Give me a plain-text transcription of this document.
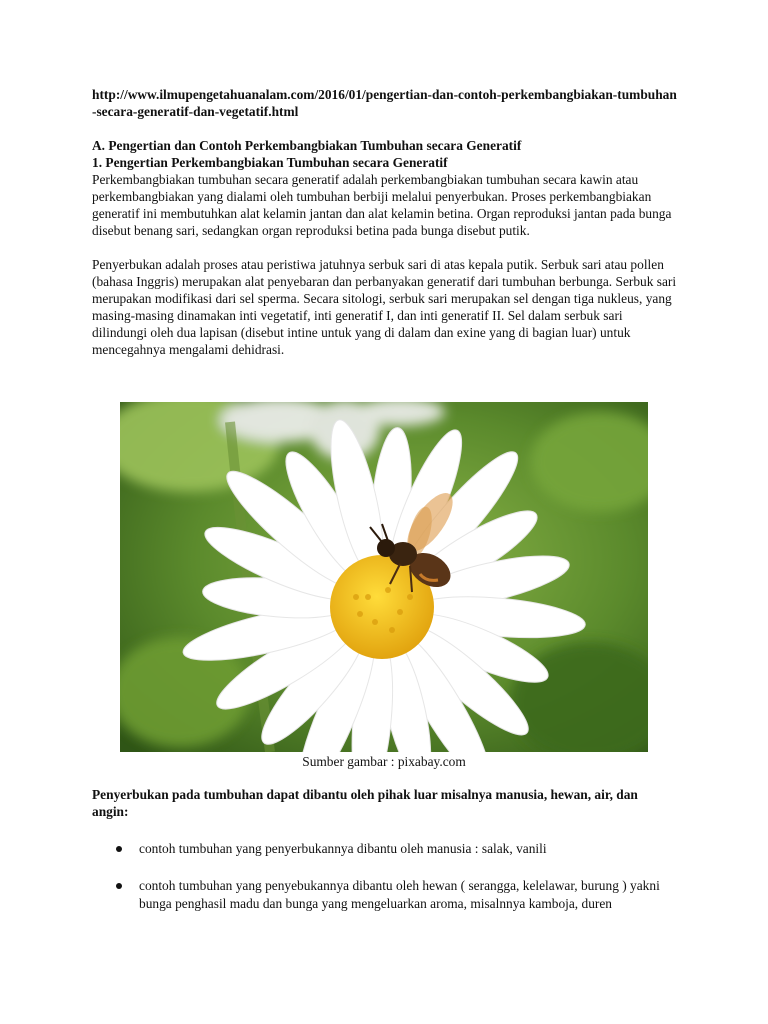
http://www.ilmupengetahuanalam.com/2016/01/pengertian-dan-contoh-perkembangbiakan-tumbuhan-secara-generatif-dan-vegetatif.html

A. Pengertian dan Contoh Perkembangbiakan Tumbuhan secara Generatif

1. Pengertian Perkembangbiakan Tumbuhan secara Generatif

Perkembangbiakan tumbuhan secara generatif adalah perkembangbiakan tumbuhan secara kawin atau perkembangbiakan yang dialami oleh tumbuhan berbiji melalui penyerbukan. Proses perkembangbiakan generatif ini membutuhkan alat kelamin jantan dan alat kelamin betina. Organ reproduksi jantan pada bunga disebut benang sari, sedangkan organ reproduksi betina pada bunga disebut putik.

Penyerbukan adalah proses atau peristiwa jatuhnya serbuk sari di atas kepala putik. Serbuk sari atau pollen (bahasa Inggris) merupakan alat penyebaran dan perbanyakan generatif dari tumbuhan berbunga. Serbuk sari merupakan modifikasi dari sel sperma. Secara sitologi, serbuk sari merupakan sel dengan tiga nukleus, yang masing-masing dinamakan inti vegetatif, inti generatif I, dan inti generatif II. Sel dalam serbuk sari dilindungi oleh dua lapisan (disebut intine untuk yang di dalam dan exine yang di bagian luar) untuk mencegahnya mengalami dehidrasi.

Sumber gambar : pixabay.com

Penyerbukan pada tumbuhan dapat dibantu oleh pihak luar misalnya manusia, hewan, air, dan angin:

contoh tumbuhan yang penyerbukannya dibantu oleh manusia : salak, vanili
contoh tumbuhan yang penyebukannya dibantu oleh hewan ( serangga, kelelawar, burung ) yakni bunga penghasil madu dan bunga yang mengeluarkan aroma, misalnnya kamboja, duren
